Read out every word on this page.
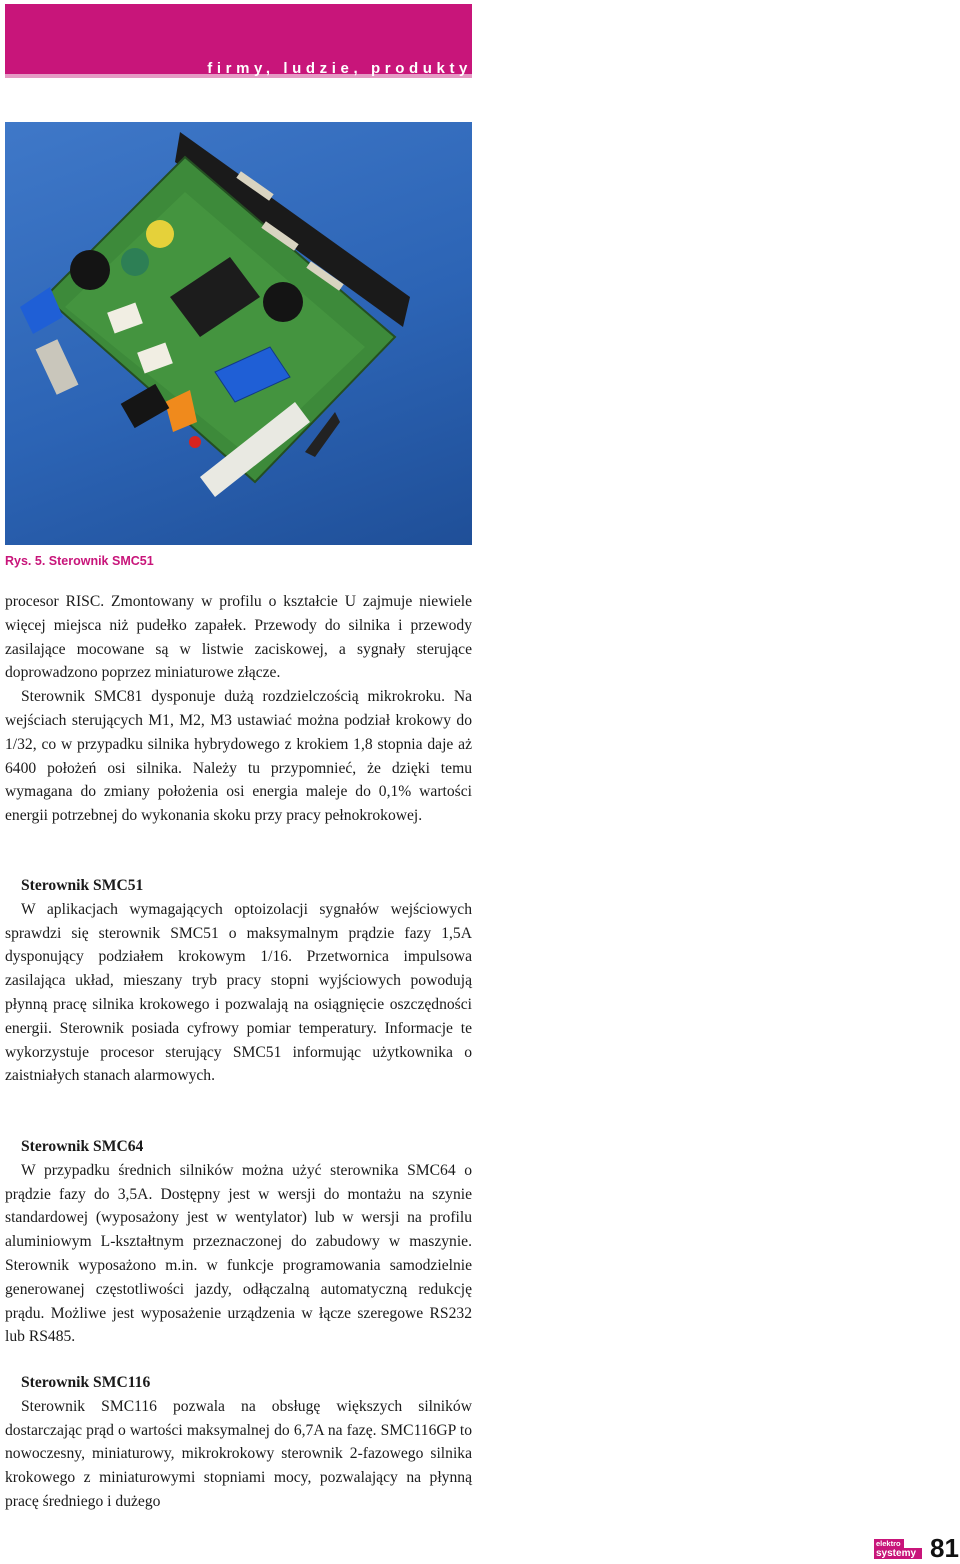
firmy, ludzie, produkty
Rys. 5. Sterownik SMC51

procesor RISC. Zmontowany w profilu o kształcie U zajmuje niewiele więcej miejsca niż pudełko zapałek. Przewody do silnika i przewody zasilające mocowane są w listwie zaciskowej, a sygnały sterujące doprowadzono poprzez miniaturowe złącze.

Sterownik SMC81 dysponuje dużą rozdzielczością mikrokroku. Na wejściach sterujących M1, M2, M3 ustawiać można podział krokowy do 1/32, co w przypadku silnika hybrydowego z krokiem 1,8 stopnia daje aż 6400 położeń osi silnika. Należy tu przypomnieć, że dzięki temu wymagana do zmiany położenia osi energia maleje do 0,1% wartości energii potrzebnej do wykonania skoku przy pracy pełnokrokowej.

Sterownik SMC51

W aplikacjach wymagających optoizolacji sygnałów wejściowych sprawdzi się sterownik SMC51 o maksymalnym prądzie fazy 1,5A dysponujący podziałem krokowym 1/16. Przetwornica impulsowa zasilająca układ, mieszany tryb pracy stopni wyjściowych powodują płynną pracę silnika krokowego i pozwalają na osiągnięcie oszczędności energii. Sterownik posiada cyfrowy pomiar temperatury. Informacje te wykorzystuje procesor sterujący SMC51 informując użytkownika o zaistniałych stanach alarmowych.

Sterownik SMC64

W przypadku średnich silników można użyć sterownika SMC64 o prądzie fazy do 3,5A. Dostępny jest w wersji do montażu na szynie standardowej (wyposażony jest w wentylator) lub w wersji na profilu aluminiowym L-kształtnym przeznaczonej do zabudowy w maszynie. Sterownik wyposażono m.in. w funkcje programowania samodzielnie generowanej częstotliwości jazdy, odłączalną automatyczną redukcję prądu. Możliwe jest wyposażenie urządzenia w łącze szeregowe RS232 lub RS485.

Sterownik SMC116

Sterownik SMC116 pozwala na obsługę większych silników dostarczając prąd o wartości maksymalnej do 6,7A na fazę. SMC116GP to nowoczesny, miniaturowy, mikrokrokowy sterownik 2-fazowego silnika krokowego z miniaturowymi stopniami mocy, pozwalający na płynną pracę średniego i dużego

elektro
systemy 81
